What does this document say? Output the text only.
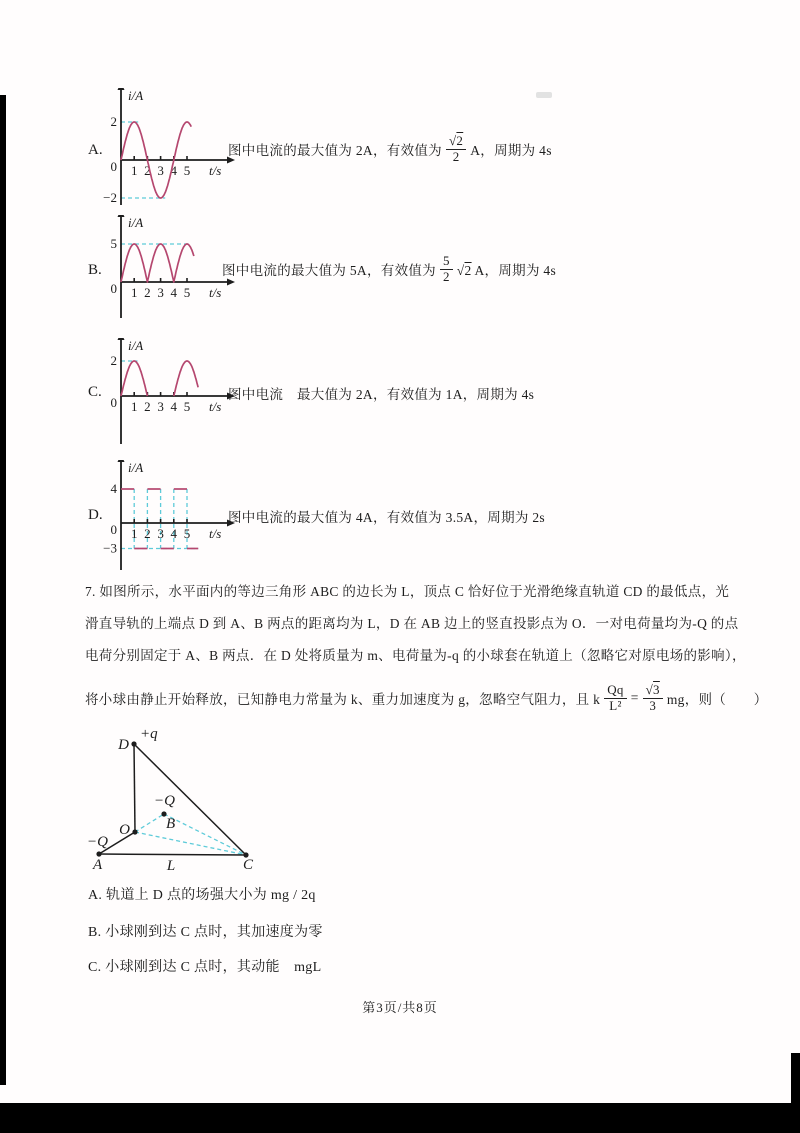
A.
B.
C.
D.
1 2 3 4 5
2
0
−2
i/A
t/s
1 2 3 4 5
5
0
i/A
t/s
1 2 3 4 5
2
0
i/A
t/s
1 2 3 4 5
4
0
−3
i/A
t/s
图中电流的最大值为 2A，有效值为 $\frac{√2}{2}$ A，周期为 4s
图中电流的最大值为 5A，有效值为 $\frac{5}{2} √2$ A，周期为 4s
图中电流　最大值为 2A，有效值为 1A，周期为 4s
图中电流的最大值为 4A，有效值为 3.5A，周期为 2s
7. 如图所示，水平面内的等边三角形 ABC 的边长为 L，顶点 C 恰好位于光滑绝缘直轨道 CD 的最低点，光
滑直导轨的上端点 D 到 A、B 两点的距离均为 L，D 在 AB 边上的竖直投影点为 O．一对电荷量均为-Q 的点
电荷分别固定于 A、B 两点．在 D 处将质量为 m、电荷量为-q 的小球套在轨道上（忽略它对原电场的影响），
将小球由静止开始释放，已知静电力常量为 k、重力加速度为 g，忽略空气阻力，且 k $\frac{Qq}{\text{L²}} = \frac{√3}{3}$ mg，则（　　）
+q
D
O
−Q
A	L	C
B
−Q
A. 轨道上 D 点的场强大小为 mg / 2q
B. 小球刚到达 C 点时，其加速度为零
C. 小球刚到达 C 点时，其动能　mgL
第3页/共8页
